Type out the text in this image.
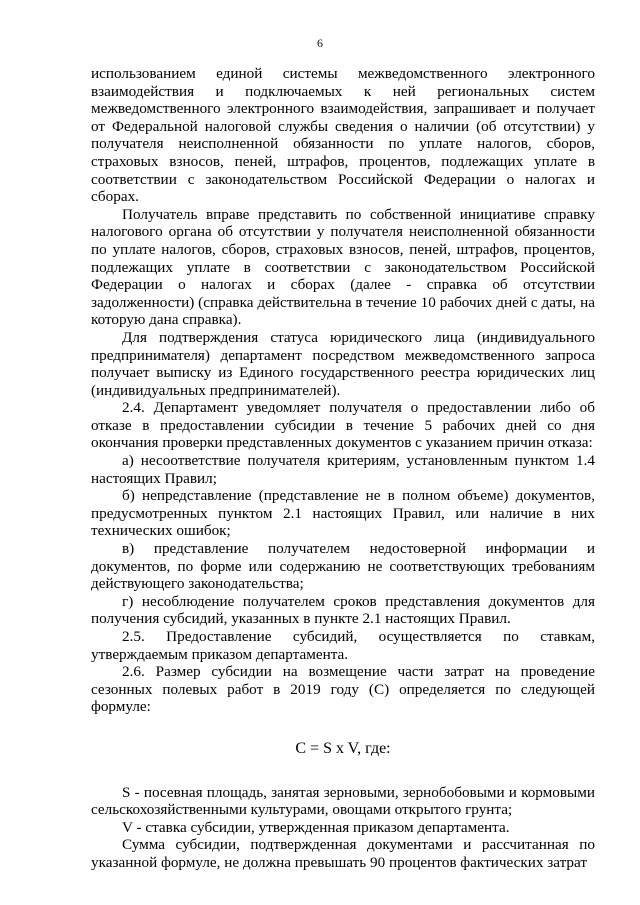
6

использованием единой системы межведомственного электронного взаимодействия и подключаемых к ней региональных систем межведомственного электронного взаимодействия, запрашивает и получает от Федеральной налоговой службы сведения о наличии (об отсутствии) у получателя неисполненной обязанности по уплате налогов, сборов, страховых взносов, пеней, штрафов, процентов, подлежащих уплате в соответствии с законодательством Российской Федерации о налогах и сборах.

Получатель вправе представить по собственной инициативе справку налогового органа об отсутствии у получателя неисполненной обязанности по уплате налогов, сборов, страховых взносов, пеней, штрафов, процентов, подлежащих уплате в соответствии с законодательством Российской Федерации о налогах и сборах (далее - справка об отсутствии задолженности) (справка действительна в течение 10 рабочих дней с даты, на которую дана справка).

Для подтверждения статуса юридического лица (индивидуального предпринимателя) департамент посредством межведомственного запроса получает выписку из Единого государственного реестра юридических лиц (индивидуальных предпринимателей).

2.4. Департамент уведомляет получателя о предоставлении либо об отказе в предоставлении субсидии в течение 5 рабочих дней со дня окончания проверки представленных документов с указанием причин отказа:

а) несоответствие получателя критериям, установленным пунктом 1.4 настоящих Правил;

б) непредставление (представление не в полном объеме) документов, предусмотренных пунктом 2.1 настоящих Правил, или наличие в них технических ошибок;

в) представление получателем недостоверной информации и документов, по форме или содержанию не соответствующих требованиям действующего законодательства;

г) несоблюдение получателем сроков представления документов для получения субсидий, указанных в пункте 2.1 настоящих Правил.

2.5. Предоставление субсидий, осуществляется по ставкам, утверждаемым приказом департамента.

2.6. Размер субсидии на возмещение части затрат на проведение сезонных полевых работ в 2019 году (С) определяется по следующей формуле:

C = S x V, где:

S - посевная площадь, занятая зерновыми, зернобобовыми и кормовыми сельскохозяйственными культурами, овощами открытого грунта;

V - ставка субсидии, утвержденная приказом департамента.

Сумма субсидии, подтвержденная документами и рассчитанная по указанной формуле, не должна превышать 90 процентов фактических затрат
